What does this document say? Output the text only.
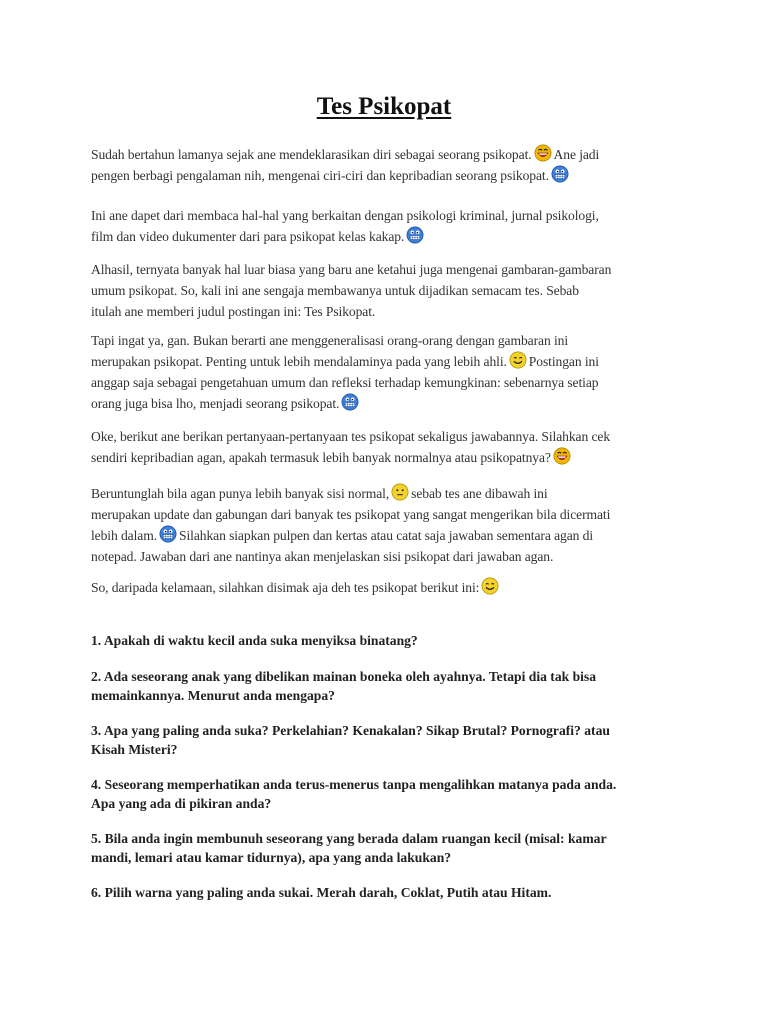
Tes Psikopat
Sudah bertahun lamanya sejak ane mendeklarasikan diri sebagai seorang psikopat. Ane jadi
pengen berbagi pengalaman nih, mengenai ciri-ciri dan kepribadian seorang psikopat.
Ini ane dapet dari membaca hal-hal yang berkaitan dengan psikologi kriminal, jurnal psikologi,
film dan video dukumenter dari para psikopat kelas kakap.
Alhasil, ternyata banyak hal luar biasa yang baru ane ketahui juga mengenai gambaran-gambaran
umum psikopat. So, kali ini ane sengaja membawanya untuk dijadikan semacam tes. Sebab
itulah ane memberi judul postingan ini: Tes Psikopat.
Tapi ingat ya, gan. Bukan berarti ane menggeneralisasi orang-orang dengan gambaran ini
merupakan psikopat. Penting untuk lebih mendalaminya pada yang lebih ahli. Postingan ini
anggap saja sebagai pengetahuan umum dan refleksi terhadap kemungkinan: sebenarnya setiap
orang juga bisa lho, menjadi seorang psikopat.
Oke, berikut ane berikan pertanyaan-pertanyaan tes psikopat sekaligus jawabannya. Silahkan cek
sendiri kepribadian agan, apakah termasuk lebih banyak normalnya atau psikopatnya?
Beruntunglah bila agan punya lebih banyak sisi normal, sebab tes ane dibawah ini
merupakan update dan gabungan dari banyak tes psikopat yang sangat mengerikan bila dicermati
lebih dalam. Silahkan siapkan pulpen dan kertas atau catat saja jawaban sementara agan di
notepad. Jawaban dari ane nantinya akan menjelaskan sisi psikopat dari jawaban agan.
So, daripada kelamaan, silahkan disimak aja deh tes psikopat berikut ini:
1. Apakah di waktu kecil anda suka menyiksa binatang?
2. Ada seseorang anak yang dibelikan mainan boneka oleh ayahnya. Tetapi dia tak bisa
memainkannya. Menurut anda mengapa?
3. Apa yang paling anda suka? Perkelahian? Kenakalan? Sikap Brutal? Pornografi? atau
Kisah Misteri?
4. Seseorang memperhatikan anda terus-menerus tanpa mengalihkan matanya pada anda.
Apa yang ada di pikiran anda?
5. Bila anda ingin membunuh seseorang yang berada dalam ruangan kecil (misal: kamar
mandi, lemari atau kamar tidurnya), apa yang anda lakukan?
6. Pilih warna yang paling anda sukai. Merah darah, Coklat, Putih atau Hitam.
